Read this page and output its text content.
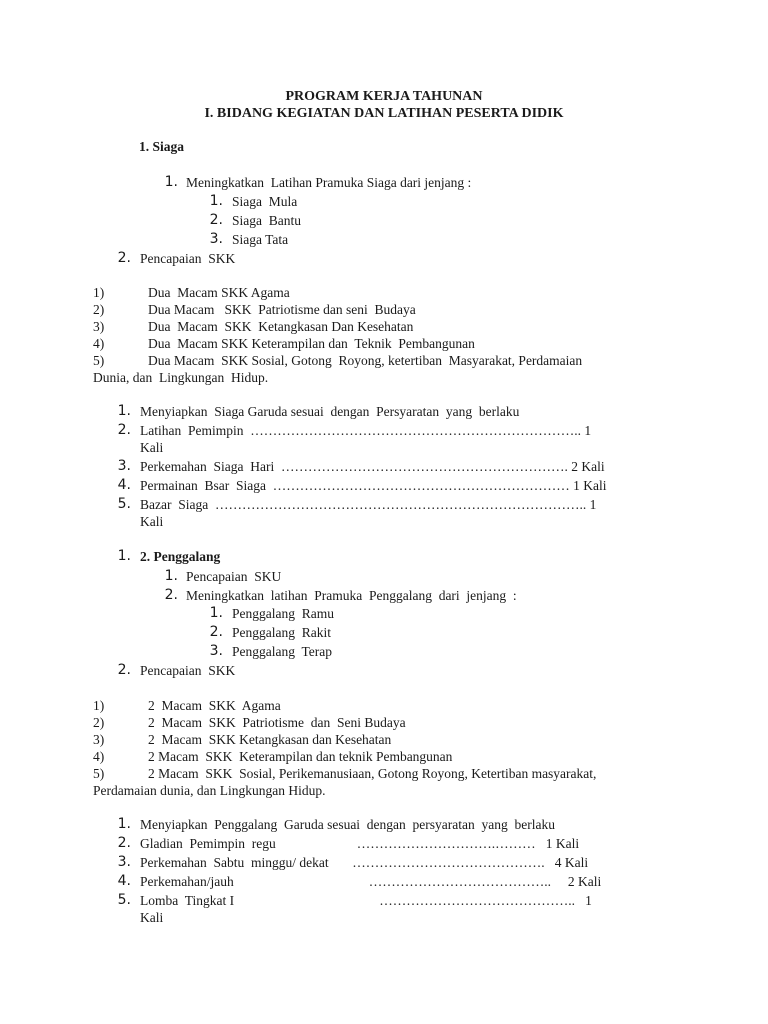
PROGRAM KERJA TAHUNAN

I. BIDANG KEGIATAN DAN LATIHAN PESERTA DIDIK

1. Siaga

1. Meningkatkan  Latihan Pramuka Siaga dari jenjang :

1. Siaga  Mula

2. Siaga  Bantu

3. Siaga Tata

2. Pencapaian  SKK

1)	Dua  Macam SKK Agama

2)	Dua Macam   SKK  Patriotisme dan seni  Budaya

3)	Dua  Macam  SKK  Ketangkasan Dan Kesehatan

4)	Dua  Macam SKK Keterampilan dan  Teknik  Pembangunan

5)	Dua Macam  SKK Sosial, Gotong  Royong, ketertiban  Masyarakat, Perdamaian

Dunia, dan  Lingkungan  Hidup.

1. Menyiapkan  Siaga Garuda sesuai  dengan  Persyaratan  yang  berlaku

2. Latihan  Pemimpin  ……………………………………………………………….. 1

Kali

3. Perkemahan  Siaga  Hari  ………………………………………………………. 2 Kali

4. Permainan  Bsar  Siaga  ………………………………………………………… 1 Kali

5. Bazar  Siaga  ……………………………………………………………………….. 1

Kali

1. 2. Penggalang

1. Pencapaian  SKU

2. Meningkatkan  latihan  Pramuka  Penggalang  dari  jenjang  :

1. Penggalang  Ramu

2. Penggalang  Rakit

3. Penggalang  Terap

2. Pencapaian  SKK

1)	2  Macam  SKK  Agama

2)	2  Macam  SKK  Patriotisme  dan  Seni Budaya

3)	2  Macam  SKK Ketangkasan dan Kesehatan

4)	2 Macam  SKK  Keterampilan dan teknik Pembangunan

5)	2 Macam  SKK  Sosial, Perikemanusiaan, Gotong Royong, Ketertiban masyarakat,

Perdamaian dunia, dan Lingkungan Hidup.

1. Menyiapkan  Penggalang  Garuda sesuai  dengan  persyaratan  yang  berlaku

2. Gladian  Pemimpin  regu                        ………………………….………   1 Kali

3. Perkemahan  Sabtu  minggu/ dekat       …………………………………….   4 Kali

4. Perkemahan/jauh                                        …………………………………..     2 Kali

5. Lomba  Tingkat I                                           ……………………………………..   1

Kali
